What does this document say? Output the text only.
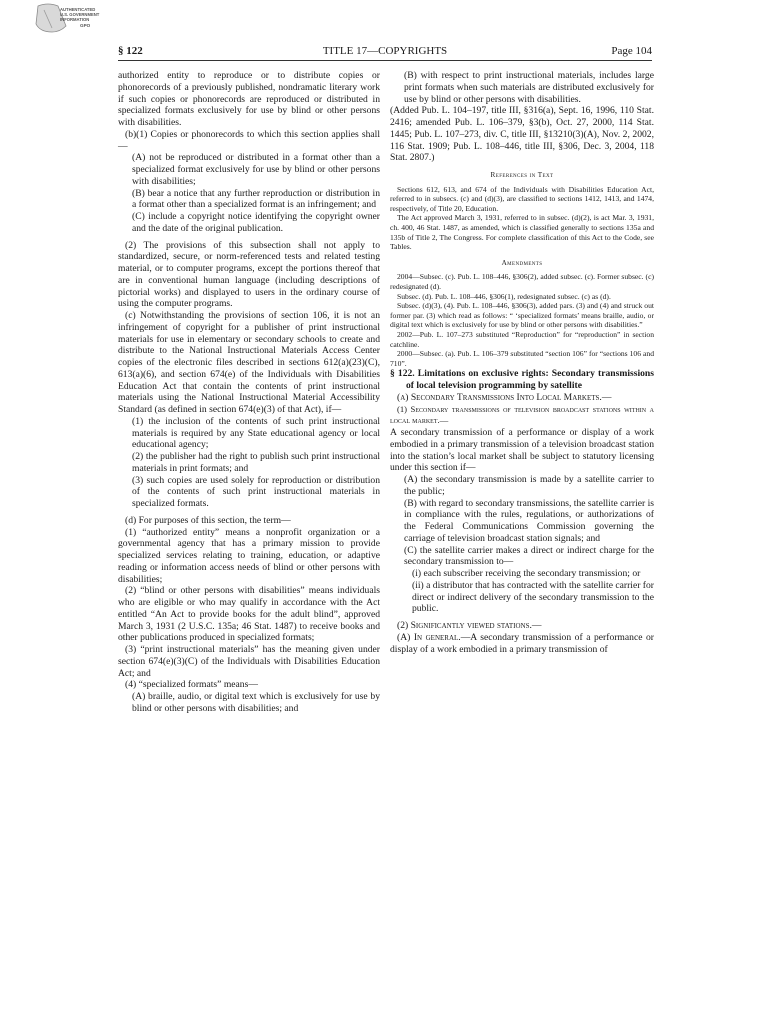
AUTHENTICATED
U.S. GOVERNMENT
INFORMATION
GPO
TITLE 17—COPYRIGHTS
§ 122	Page 104

authorized entity to reproduce or to distribute copies or phonorecords of a previously published, nondramatic literary work if such copies or phonorecords are reproduced or distributed in specialized formats exclusively for use by blind or other persons with disabilities.

(b)(1) Copies or phonorecords to which this section applies shall—

(A) not be reproduced or distributed in a format other than a specialized format exclusively for use by blind or other persons with disabilities;

(B) bear a notice that any further reproduction or distribution in a format other than a specialized format is an infringement; and

(C) include a copyright notice identifying the copyright owner and the date of the original publication.

(2) The provisions of this subsection shall not apply to standardized, secure, or norm-referenced tests and related testing material, or to computer programs, except the portions thereof that are in conventional human language (including descriptions of pictorial works) and displayed to users in the ordinary course of using the computer programs.

(c) Notwithstanding the provisions of section 106, it is not an infringement of copyright for a publisher of print instructional materials for use in elementary or secondary schools to create and distribute to the National Instructional Materials Access Center copies of the electronic files described in sections 612(a)(23)(C), 613(a)(6), and section 674(e) of the Individuals with Disabilities Education Act that contain the contents of print instructional materials using the National Instructional Material Accessibility Standard (as defined in section 674(e)(3) of that Act), if—

(1) the inclusion of the contents of such print instructional materials is required by any State educational agency or local educational agency;

(2) the publisher had the right to publish such print instructional materials in print formats; and

(3) such copies are used solely for reproduction or distribution of the contents of such print instructional materials in specialized formats.

(d) For purposes of this section, the term—

(1) “authorized entity” means a nonprofit organization or a governmental agency that has a primary mission to provide specialized services relating to training, education, or adaptive reading or information access needs of blind or other persons with disabilities;

(2) “blind or other persons with disabilities” means individuals who are eligible or who may qualify in accordance with the Act entitled “An Act to provide books for the adult blind”, approved March 3, 1931 (2 U.S.C. 135a; 46 Stat. 1487) to receive books and other publications produced in specialized formats;

(3) “print instructional materials” has the meaning given under section 674(e)(3)(C) of the Individuals with Disabilities Education Act; and

(4) “specialized formats” means—

(A) braille, audio, or digital text which is exclusively for use by blind or other persons with disabilities; and

(B) with respect to print instructional materials, includes large print formats when such materials are distributed exclusively for use by blind or other persons with disabilities.

(Added Pub. L. 104–197, title III, §316(a), Sept. 16, 1996, 110 Stat. 2416; amended Pub. L. 106–379, §3(b), Oct. 27, 2000, 114 Stat. 1445; Pub. L. 107–273, div. C, title III, §13210(3)(A), Nov. 2, 2002, 116 Stat. 1909; Pub. L. 108–446, title III, §306, Dec. 3, 2004, 118 Stat. 2807.)

References in Text

Sections 612, 613, and 674 of the Individuals with Disabilities Education Act, referred to in subsecs. (c) and (d)(3), are classified to sections 1412, 1413, and 1474, respectively, of Title 20, Education.

The Act approved March 3, 1931, referred to in subsec. (d)(2), is act Mar. 3, 1931, ch. 400, 46 Stat. 1487, as amended, which is classified generally to sections 135a and 135b of Title 2, The Congress. For complete classification of this Act to the Code, see Tables.

Amendments

2004—Subsec. (c). Pub. L. 108–446, §306(2), added subsec. (c). Former subsec. (c) redesignated (d).

Subsec. (d). Pub. L. 108–446, §306(1), redesignated subsec. (c) as (d).

Subsec. (d)(3), (4). Pub. L. 108–446, §306(3), added pars. (3) and (4) and struck out former par. (3) which read as follows: “ ‘specialized formats’ means braille, audio, or digital text which is exclusively for use by blind or other persons with disabilities.”

2002—Pub. L. 107–273 substituted “Reproduction” for “reproduction” in section catchline.

2000—Subsec. (a). Pub. L. 106–379 substituted “section 106” for “sections 106 and 710”.

§ 122. Limitations on exclusive rights: Secondary transmissions of local television programming by satellite

(a) Secondary Transmissions Into Local Markets.—

(1) Secondary transmissions of television broadcast stations within a local market.—

A secondary transmission of a performance or display of a work embodied in a primary transmission of a television broadcast station into the station’s local market shall be subject to statutory licensing under this section if—

(A) the secondary transmission is made by a satellite carrier to the public;

(B) with regard to secondary transmissions, the satellite carrier is in compliance with the rules, regulations, or authorizations of the Federal Communications Commission governing the carriage of television broadcast station signals; and

(C) the satellite carrier makes a direct or indirect charge for the secondary transmission to—

(i) each subscriber receiving the secondary transmission; or

(ii) a distributor that has contracted with the satellite carrier for direct or indirect delivery of the secondary transmission to the public.

(2) Significantly viewed stations.—

(A) In general.—A secondary transmission of a performance or display of a work embodied in a primary transmission of
